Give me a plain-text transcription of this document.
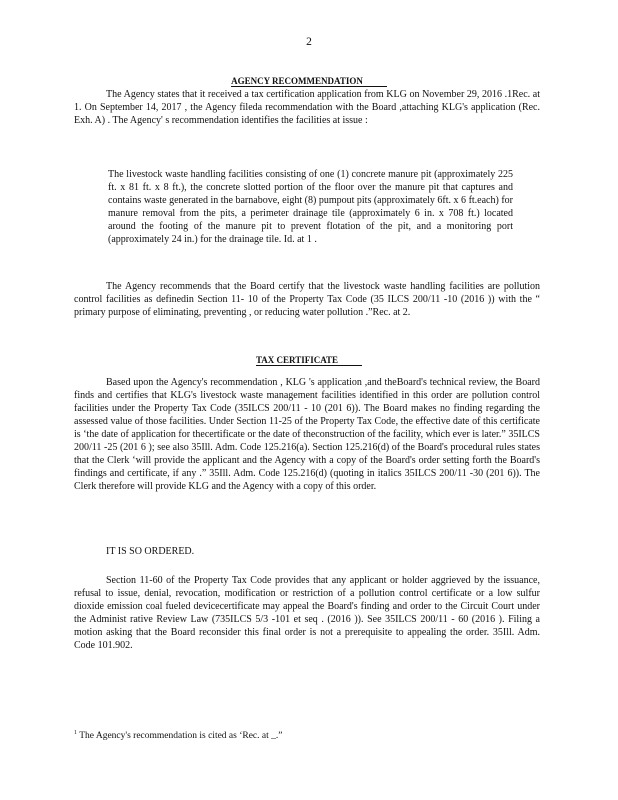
2
AGENCY RECOMMENDATION

The Agency states that it received a tax certification application from KLG on November 29, 2016 .1Rec. at 1. On September 14, 2017 , the Agency fileda recommendation with the Board ,attaching KLG's application (Rec. Exh. A) . The Agency' s recommendation identifies the facilities at issue :

The livestock waste handling facilities consisting of one (1) concrete manure pit (approximately 225 ft. x 81 ft. x 8 ft.), the concrete slotted portion of the floor over the manure pit that captures and contains waste generated in the barnabove, eight (8) pumpout pits (approximately 6ft. x 6 ft.each) for manure removal from the pits, a perimeter drainage tile (approximately 6 in. x 708 ft.) located around the footing of the manure pit to prevent flotation of the pit, and a monitoring port (approximately 24 in.) for the drainage tile. Id. at 1 .

The Agency recommends that the Board certify that the livestock waste handling facilities are pollution control facilities as definedin Section 11- 10 of the Property Tax Code (35 ILCS 200/11 -10 (2016 )) with the “ primary purpose of eliminating, preventing , or reducing water pollution .”Rec. at 2.

TAX CERTIFICATE

Based upon the Agency's recommendation , KLG 's application ,and theBoard's technical review, the Board finds and certifies that KLG's livestock waste management facilities identified in this order are pollution control facilities under the Property Tax Code (35ILCS 200/11 - 10 (201 6)). The Board makes no finding regarding the assessed value of those facilities. Under Section 11-25 of the Property Tax Code, the effective date of this certificate is ‘the date of application for thecertificate or the date of theconstruction of the facility, which ever is later.” 35ILCS 200/11 -25 (201 6 ); see also 35Ill. Adm. Code 125.216(a). Section 125.216(d) of the Board's procedural rules states that the Clerk ‘will provide the applicant and the Agency with a copy of the Board's order setting forth the Board's findings and certificate, if any .” 35Ill. Adm. Code 125.216(d) (quoting in italics 35ILCS 200/11 -30 (201 6)). The Clerk therefore will provide KLG and the Agency with a copy of this order.

IT IS SO ORDERED.

Section 11-60 of the Property Tax Code provides that any applicant or holder aggrieved by the issuance, refusal to issue, denial, revocation, modification or restriction of a pollution control certificate or a low sulfur dioxide emission coal fueled devicecertificate may appeal the Board's finding and order to the Circuit Court under the Administ rative Review Law (735ILCS 5/3 -101 et seq . (2016 )). See 35ILCS 200/11 - 60 (2016 ). Filing a motion asking that the Board reconsider this final order is not a prerequisite to appealing the order. 35Ill. Adm. Code 101.902.

$^1$ The Agency's recommendation is cited as ‘Rec. at _.”
